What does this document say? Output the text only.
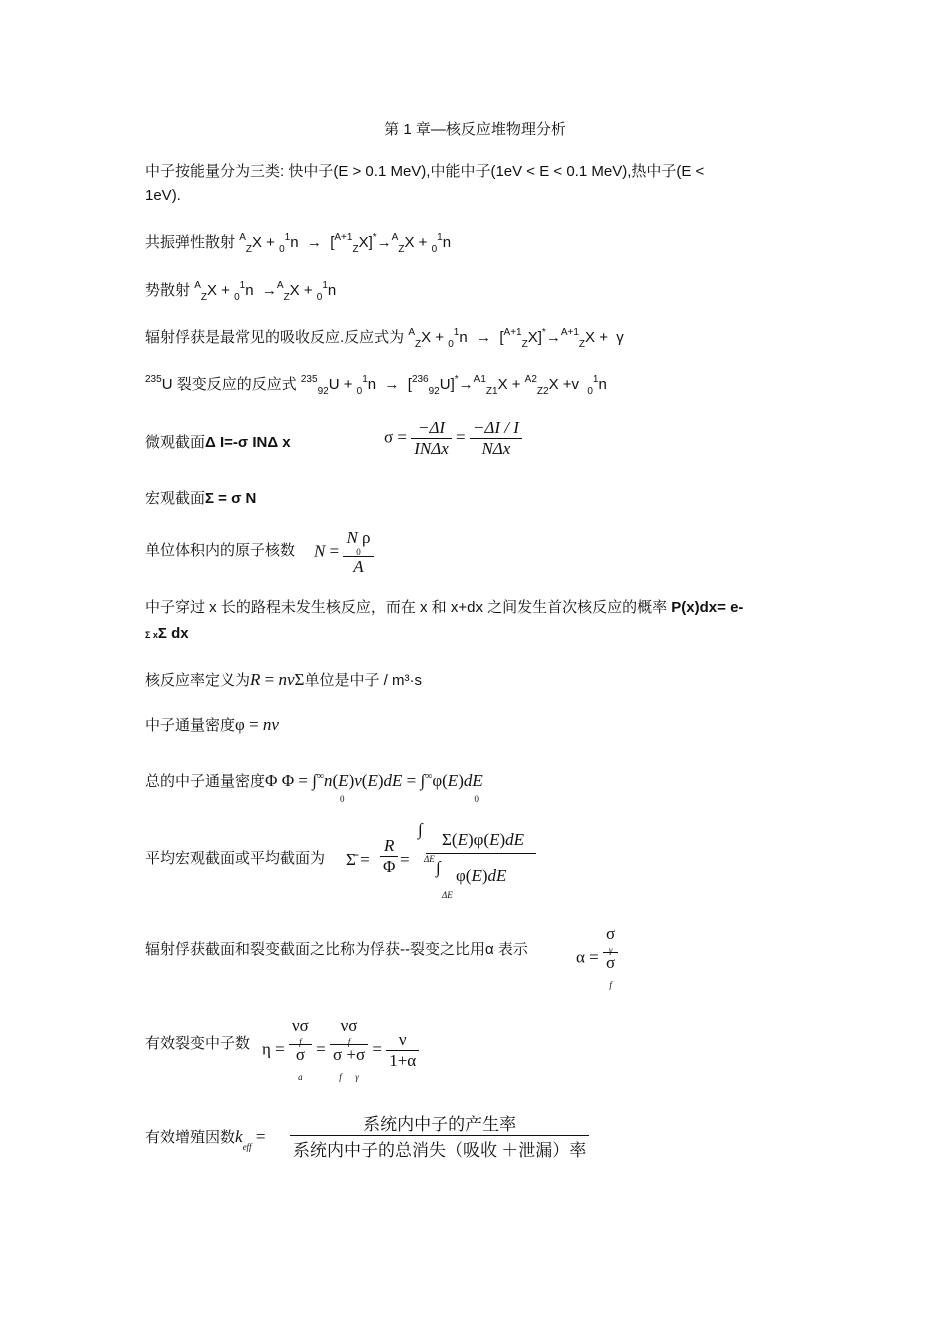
第 1 章—核反应堆物理分析
中子按能量分为三类: 快中子(E > 0.1 MeV),中能中子(1eV < E < 0.1 MeV),热中子(E <
1eV).
共振弹性散射 $^A_Z$X + $_0^1$n  →  [$^{A+1}_Z$X]*→$^A_Z$X + $_0^1$n
势散射 $^A_Z$X + $_0^1$n  →$^A_Z$X + $_0^1$n
辐射俘获是最常见的吸收反应.反应式为 $^A_Z$X + $_0^1$n  →  [$^{A+1}_Z$X]*→$^{A+1}_Z$X +  γ
$^{235}$U 裂变反应的反应式 $^{235}_{92}$U + $_0^1$n  →  [$^{236}_{92}$U]*→$^{A1}_{Z1}$X + $^{A2}_{Z2}$X +v  $_0^1$n
微观截面Δ I=-σ INΔ x	$\sigma = \frac{-\Delta I}{\text{INΔx}} = \frac{-\Delta I / I}{\text{NΔx}}$
宏观截面Σ = σ N
单位体积内的原子核数 N =
N ρ
$^0$
A
中子穿过 x 长的路程未发生核反应，而在 x 和 x+dx 之间发生首次核反应的概率 P(x)dx= e-
Σ xΣ dx
核反应率定义为R = nvΣ单位是中子 / m³·s
中子通量密度φ = nv
总的中子通量密度Φ Φ = ∫∞n(E)v(E)dE = ∫∞φ(E)dE
0	0
平均宏观截面或平均截面为 Σ̄ = $\frac{R}{\Phi}$ =
∫
Σ(E)φ(E)dE
ΔE ∫ φ(E)dE
ΔE
辐射俘获截面和裂变截面之比称为俘获--裂变之比用α 表示	α =
σ
$^\gamma$
σ
f
有效裂变中子数 η =
νσ
$^f$
σ
a
=
νσ
$^f$
σ +σ
f      γ
= $\frac{\nu}{1+\alpha}$
有效增殖因数$k_{eff} = \frac{\text{系统内中子的产生率}}{\text{系统内中子的总消失（吸收 ＋泄漏）率}}$
